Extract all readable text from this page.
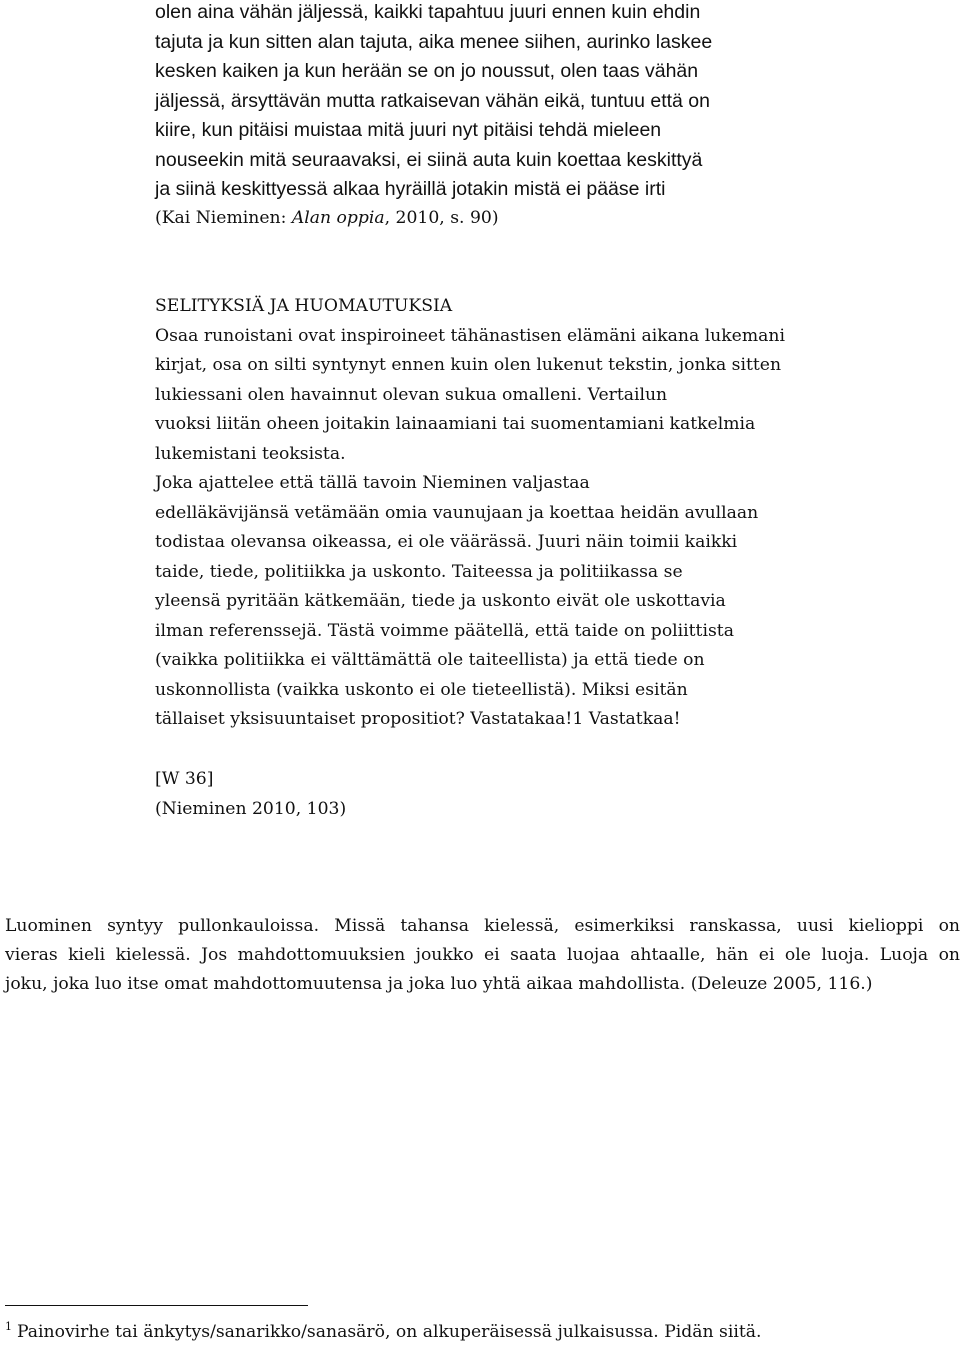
olen aina vähän jäljessä, kaikki tapahtuu juuri ennen kuin ehdin
tajuta ja kun sitten alan tajuta, aika menee siihen, aurinko laskee
kesken kaiken ja kun herään se on jo noussut, olen taas vähän
jäljessä, ärsyttävän mutta ratkaisevan vähän eikä, tuntuu että on
kiire, kun pitäisi muistaa mitä juuri nyt pitäisi tehdä mieleen
nouseekin mitä seuraavaksi, ei siinä auta kuin koettaa keskittyä
ja siinä keskittyessä alkaa hyräillä jotakin mistä ei pääse irti
(Kai Nieminen: Alan oppia, 2010, s. 90)
SELITYKSIÄ JA HUOMAUTUKSIA
Osaa runoistani ovat inspiroineet tähänastisen elämäni aikana lukemani
kirjat, osa on silti syntynyt ennen kuin olen lukenut tekstin, jonka sitten
lukiessani olen havainnut olevan sukua omalleni. Vertailun
vuoksi liitän oheen joitakin lainaamiani tai suomentamiani katkelmia
lukemistani teoksista.
Joka ajattelee että tällä tavoin Nieminen valjastaa
edelläkävijänsä vetämään omia vaunujaan ja koettaa heidän avullaan
todistaa olevansa oikeassa, ei ole väärässä. Juuri näin toimii kaikki
taide, tiede, politiikka ja uskonto. Taiteessa ja politiikassa se
yleensä pyritään kätkemään, tiede ja uskonto eivät ole uskottavia
ilman referenssejä. Tästä voimme päätellä, että taide on poliittista
(vaikka politiikka ei välttämättä ole taiteellista) ja että tiede on
uskonnollista (vaikka uskonto ei ole tieteellistä). Miksi esitän
tällaiset yksisuuntaiset propositiot? Vastatakaa!1 Vastatkaa!
[W 36]
(Nieminen 2010, 103)
Luominen syntyy pullonkauloissa. Missä tahansa kielessä, esimerkiksi ranskassa, uusi kielioppi on
vieras kieli kielessä. Jos mahdottomuuksien joukko ei saata luojaa ahtaalle, hän ei ole luoja. Luoja on
joku, joka luo itse omat mahdottomuutensa ja joka luo yhtä aikaa mahdollista. (Deleuze 2005, 116.)
$^1$ Painovirhe tai änkytys/sanarikko/sanasärö, on alkuperäisessä julkaisussa. Pidän siitä.
